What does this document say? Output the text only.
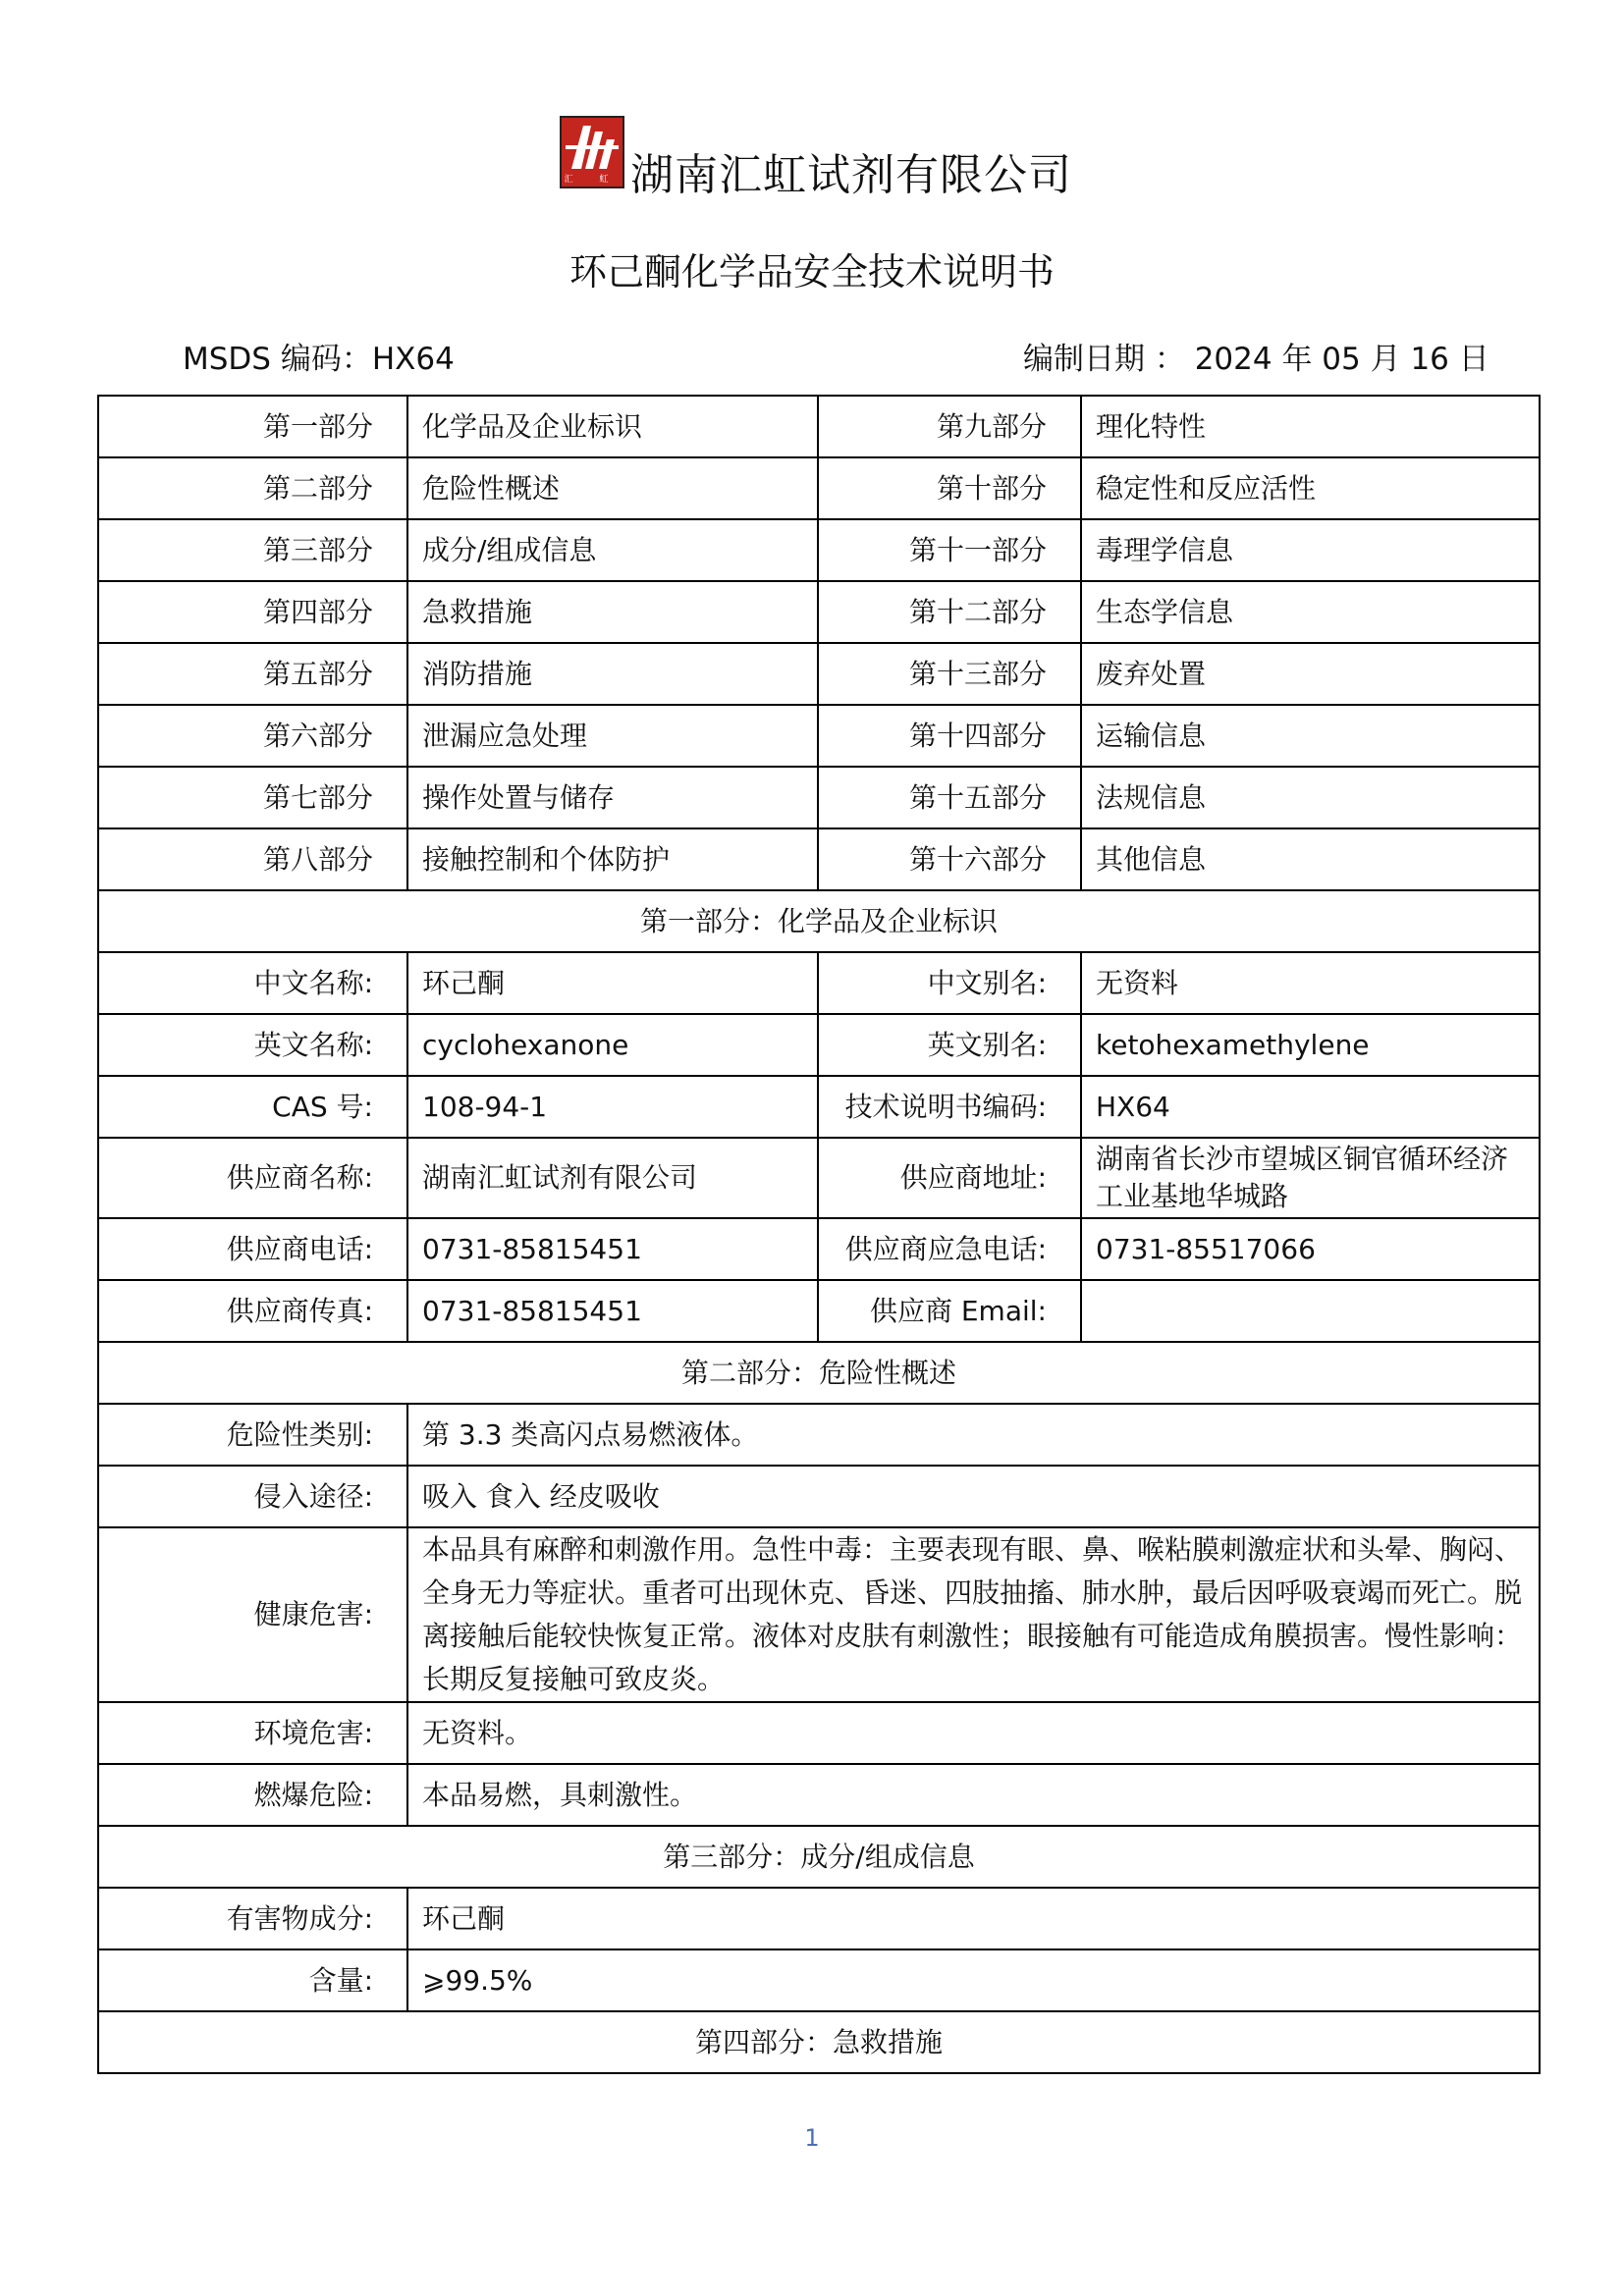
汇 虹 湖南汇虹试剂有限公司
环己酮化学品安全技术说明书
MSDS 编码：HX64	编制日期 ： 2024 年 05 月 16 日
第一部分	化学品及企业标识	第九部分	理化特性
第二部分	危险性概述	第十部分	稳定性和反应活性
第三部分	成分/组成信息	第十一部分	毒理学信息
第四部分	急救措施	第十二部分	生态学信息
第五部分	消防措施	第十三部分	废弃处置
第六部分	泄漏应急处理	第十四部分	运输信息
第七部分	操作处置与储存	第十五部分	法规信息
第八部分	接触控制和个体防护	第十六部分	其他信息
第一部分：化学品及企业标识			
中文名称:	环己酮	中文别名:	无资料
英文名称:	cyclohexanone	英文别名:	ketohexamethylene
CAS 号:	108-94-1	技术说明书编码:	HX64
供应商名称:	湖南汇虹试剂有限公司	供应商地址:	湖南省长沙市望城区铜官循环经济工业基地华城路
供应商电话:	0731-85815451	供应商应急电话:	0731-85517066
供应商传真:	0731-85815451	供应商 Email:	
第二部分：危险性概述			
危险性类别:	第 3.3 类高闪点易燃液体。		
侵入途径:	吸入 食入 经皮吸收		
健康危害:	本品具有麻醉和刺激作用。急性中毒：主要表现有眼、鼻、喉粘膜刺激症状和头晕、胸闷、全身无力等症状。重者可出现休克、昏迷、四肢抽搐、肺水肿，最后因呼吸衰竭而死亡。脱离接触后能较快恢复正常。液体对皮肤有刺激性；眼接触有可能造成角膜损害。慢性影响：长期反复接触可致皮炎。		
环境危害:	无资料。		
燃爆危险:	本品易燃，具刺激性。		
第三部分：成分/组成信息			
有害物成分:	环己酮		
含量:	⩾99.5%		
第四部分：急救措施			
1
